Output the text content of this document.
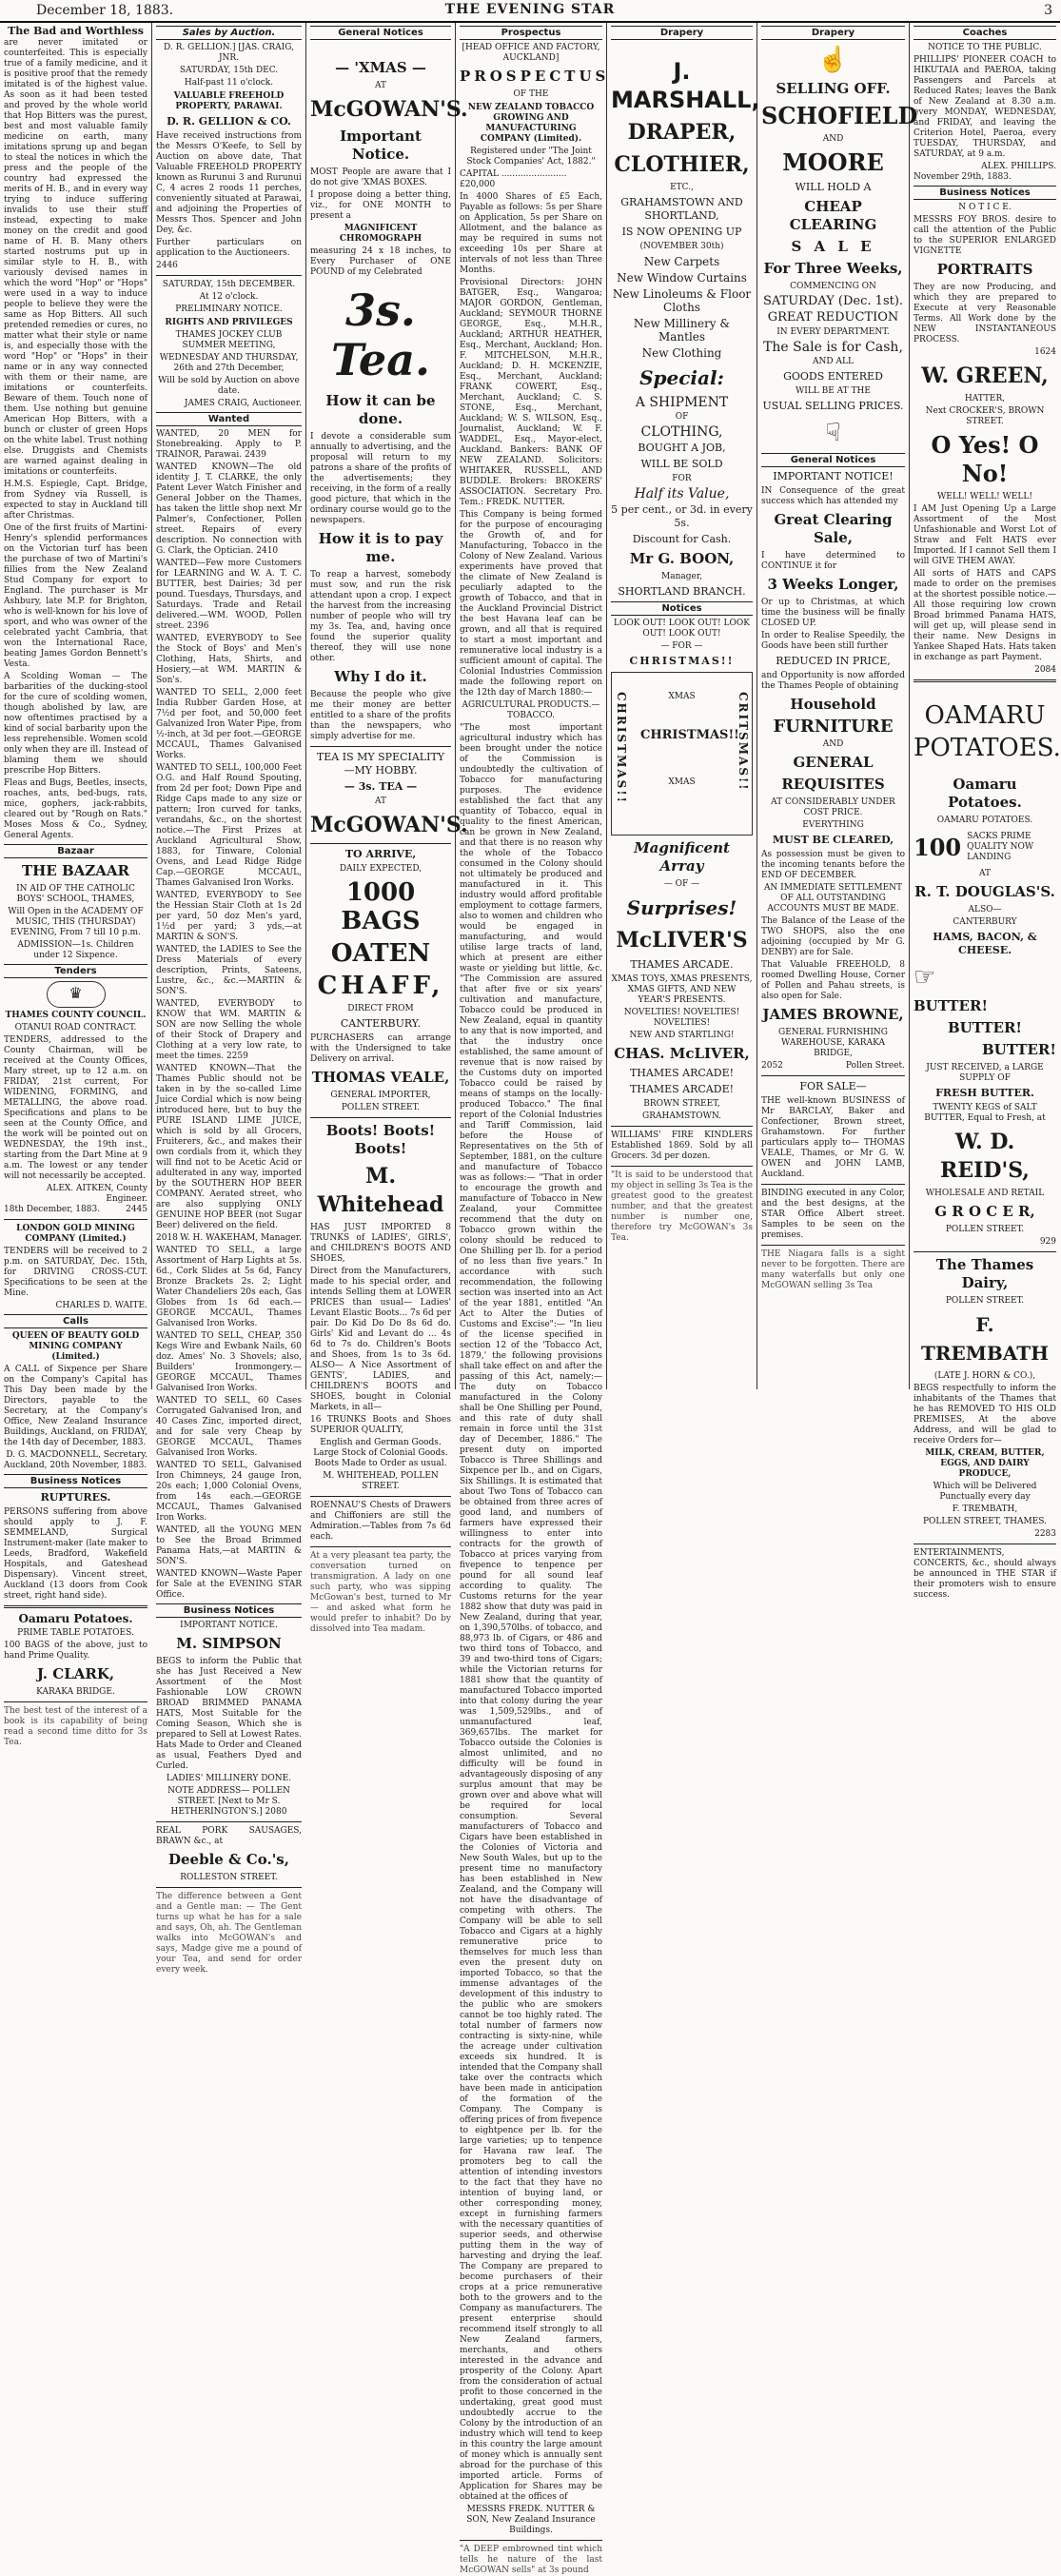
December 18, 1883.	THE EVENING STAR	3
The Bad and Worthless
are never imitated or counterfeited. This is especially true of a family medicine, and it is positive proof that the remedy imitated is of the highest value. As soon as it had been tested and proved by the whole world that Hop Bitters was the purest, best and most valuable family medicine on earth, many imitations sprung up and began to steal the notices in which the press and the people of the country had expressed the merits of H. B., and in every way trying to induce suffering invalids to use their stuff instead, expecting to make money on the credit and good name of H. B. Many others started nostrums put up in similar style to H. B., with variously devised names in which the word "Hop" or "Hops" were used in a way to induce people to believe they were the same as Hop Bitters. All such pretended remedies or cures, no matter what their style or name is, and especially those with the word "Hop" or "Hops" in their name or in any way connected with them or their name, are imitations or counterfeits. Beware of them. Touch none of them. Use nothing but genuine American Hop Bitters, with a bunch or cluster of green Hops on the white label. Trust nothing else. Druggists and Chemists are warned against dealing in imitations or counterfeits.
H.M.S. Espiegle, Capt. Bridge, from Sydney via Russell, is expected to stay in Auckland till after Christmas.
One of the first fruits of Martini-Henry's splendid performances on the Victorian turf has been the purchase of two of Martini's fillies from the New Zealand Stud Company for export to England. The purchaser is Mr Ashbury, late M.P. for Brighton, who is well-known for his love of sport, and who was owner of the celebrated yacht Cambria, that won the International Race, beating James Gordon Bennett's Vesta.
A Scolding Woman — The barbarities of the ducking-stool for the cure of scolding women, though abolished by law, are now oftentimes practised by a kind of social barbarity upon the less reprehensible. Women scold only when they are ill. Instead of blaming them we should prescribe Hop Bitters.
Fleas and Bugs, Beetles, insects, roaches, ants, bed-bugs, rats, mice, gophers, jack-rabbits, cleared out by "Rough on Rats." Moses Moss & Co., Sydney, General Agents.
Bazaar
THE BAZAAR
IN AID OF THE CATHOLIC BOYS' SCHOOL, THAMES,
Will Open in the ACADEMY OF MUSIC, THIS (THURSDAY) EVENING, From 7 till 10 p.m.
ADMISSION—1s. Children under 12 Sixpence.
Tenders
♛
THAMES COUNTY COUNCIL.
OTANUI ROAD CONTRACT.
TENDERS, addressed to the County Chairman, will be received at the County Offices, Mary street, up to 12 a.m. on FRIDAY, 21st current, For WIDENING, FORMING, and METALLING, the above road. Specifications and plans to be seen at the County Office, and the work will be pointed out on WEDNESDAY, the 19th inst., starting from the Dart Mine at 9 a.m. The lowest or any tender will not necessarily be accepted.
ALEX. AITKEN, County Engineer.
18th December, 1883.	2445
LONDON GOLD MINING COMPANY (Limited.)
TENDERS will be received to 2 p.m. on SATURDAY, Dec. 15th, for DRIVING CROSS-CUT. Specifications to be seen at the Mine.
CHARLES D. WAITE.
Calls
QUEEN OF BEAUTY GOLD MINING COMPANY (Limited.)
A CALL of Sixpence per Share on the Company's Capital has This Day been made by the Directors, payable to the Secretary, at the Company's Office, New Zealand Insurance Buildings, Auckland, on FRIDAY, the 14th day of December, 1883.
D. G. MACDONNELL, Secretary.
Auckland, 20th November, 1883.
Business Notices
RUPTURES.
PERSONS suffering from above should apply to J. F. SEMMELAND, Surgical Instrument-maker (late maker to Leeds, Bradford, Wakefield Hospitals, and Gateshead Dispensary). Vincent street, Auckland (13 doors from Cook street, right hand side).
Oamaru Potatoes.
PRIME TABLE POTATOES.
100 BAGS of the above, just to hand Prime Quality.
J. CLARK,
KARAKA BRIDGE.
The best test of the interest of a book is its capability of being read a second time ditto for 3s Tea.
Sales by Auction.
D. R. GELLION.] [JAS. CRAIG, JNR.
SATURDAY, 15th DEC.
Half-past 11 o'clock.
VALUABLE FREEHOLD PROPERTY, PARAWAI.
D. R. GELLION & CO.
Have received instructions from the Messrs O'Keefe, to Sell by Auction on above date, That Valuable FREEHOLD PROPERTY known as Rurunui 3 and Rurunui C, 4 acres 2 roods 11 perches, conveniently situated at Parawai, and adjoining the Properties of Messrs Thos. Spencer and John Dey, &c.
Further particulars on application to the Auctioneers.
2446
SATURDAY, 15th DECEMBER.
At 12 o'clock.
PRELIMINARY NOTICE.
RIGHTS AND PRIVILEGES
THAMES JOCKEY CLUB SUMMER MEETING,
WEDNESDAY AND THURSDAY, 26th and 27th December,
Will be sold by Auction on above date.
JAMES CRAIG, Auctioneer.
Wanted
WANTED, 20 MEN for Stonebreaking. Apply to P. TRAINOR, Parawai. 2439
WANTED KNOWN—The old identity J. T. CLARKE, the only Patent Lever Watch Finisher and General Jobber on the Thames, has taken the little shop next Mr Palmer's, Confectioner, Pollen street. Repairs of every description. No connection with G. Clark, the Optician. 2410
WANTED—Few more Customers for LEARNING and W. A. T. C. BUTTER, best Dairies; 3d per pound. Tuesdays, Thursdays, and Saturdays. Trade and Retail delivered.—WM. WOOD, Pollen street. 2396
WANTED, EVERYBODY to See the Stock of Boys' and Men's Clothing, Hats, Shirts, and Hosiery,—at WM. MARTIN & Son's.
WANTED TO SELL, 2,000 feet India Rubber Garden Hose, at 7½d per foot, and 50,000 feet Galvanized Iron Water Pipe, from ½-inch, at 3d per foot.—GEORGE MCCAUL, Thames Galvanised Works.
WANTED TO SELL, 100,000 Feet O.G. and Half Round Spouting, from 2d per foot; Down Pipe and Ridge Caps made to any size or pattern; Iron curved for tanks, verandahs, &c., on the shortest notice.—The First Prizes at Auckland Agricultural Show, 1883, for Tinware, Colonial Ovens, and Lead Ridge Ridge Cap.—GEORGE MCCAUL, Thames Galvanised Iron Works.
WANTED, EVERYBODY to See the Hessian Stair Cloth at 1s 2d per yard, 50 doz Men's yard, 1½d per yard; 3 yds,—at MARTIN & SON'S.
WANTED, the LADIES to See the Dress Materials of every description, Prints, Sateens, Lustre, &c., &c.—MARTIN & SON'S.
WANTED, EVERYBODY to KNOW that WM. MARTIN & SON are now Selling the whole of their Stock of Drapery and Clothing at a very low rate, to meet the times. 2259
WANTED KNOWN—That the Thames Public should not be taken in by the so-called Lime Juice Cordial which is now being introduced here, but to buy the PURE ISLAND LIME JUICE, which is sold by all Grocers, Fruiterers, &c., and makes their own cordials from it, which they will find not to be Acetic Acid or adulterated in any way, imported by the SOUTHERN HOP BEER COMPANY. Aerated street, who are also supplying ONLY GENUINE HOP BEER (not Sugar Beer) delivered on the field.
2018 W. H. WAKEHAM, Manager.
WANTED TO SELL, a large Assortment of Harp Lights at 5s. 6d., Cork Slides at 5s 6d, Fancy Bronze Brackets 2s. 2; Light Water Chandeliers 20s each, Gas Globes from 1s 6d each.—GEORGE MCCAUL, Thames Galvanised Iron Works.
WANTED TO SELL, CHEAP, 350 Kegs Wire and Ewbank Nails, 60 doz. Ames' No. 3 Shovels; also, Builders' Ironmongery.—GEORGE MCCAUL, Thames Galvanised Iron Works.
WANTED TO SELL, 60 Cases Corrugated Galvanised Iron, and 40 Cases Zinc, imported direct, and for sale very Cheap by GEORGE MCCAUL, Thames Galvanised Iron Works.
WANTED TO SELL, Galvanised Iron Chimneys, 24 gauge Iron, 20s each; 1,000 Colonial Ovens, from 14s each.—GEORGE MCCAUL, Thames Galvanised Iron Works.
WANTED, all the YOUNG MEN to See the Broad Brimmed Panama Hats,—at MARTIN & SON'S.
WANTED KNOWN—Waste Paper for Sale at the EVENING STAR Office.
Business Notices
IMPORTANT NOTICE.
M. SIMPSON
BEGS to inform the Public that she has Just Received a New Assortment of the Most Fashionable LOW CROWN BROAD BRIMMED PANAMA HATS, Most Suitable for the Coming Season, Which she is prepared to Sell at Lowest Rates. Hats Made to Order and Cleaned as usual, Feathers Dyed and Curled.
LADIES' MILLINERY DONE.
NOTE ADDRESS— POLLEN STREET. [Next to Mr S. HETHERINGTON'S.] 2080
REAL PORK SAUSAGES, BRAWN &c., at
Deeble & Co.'s,
ROLLESTON STREET.
The difference between a Gent and a Gentle man: — The Gent turns up what he has for a sale and says, Oh, ah. The Gentleman walks into McGOWAN's and says, Madge give me a pound of your Tea, and send for order every week.
General Notices
— 'XMAS —
AT
McGOWAN'S.
Important Notice.
MOST People are aware that I do not give 'XMAS BOXES.
I propose doing a better thing, viz., for ONE MONTH to present a
MAGNIFICENT CHROMOGRAPH
measuring 24 x 18 inches, to Every Purchaser of ONE POUND of my Celebrated
3s. Tea.
How it can be done.
I devote a considerable sum annually to advertising, and the proposal will return to my patrons a share of the profits of the advertisements; they receiving, in the form of a really good picture, that which in the ordinary course would go to the newspapers.
How it is to pay me.
To reap a harvest, somebody must sow, and run the risk attendant upon a crop. I expect the harvest from the increasing number of people who will try my 3s. Tea, and, having once found the superior quality thereof, they will use none other.
Why I do it.
Because the people who give me their money are better entitled to a share of the profits than the newspapers, who simply advertise for me.
TEA IS MY SPECIALITY —MY HOBBY.
— 3s. TEA —
AT
McGOWAN'S.
TO ARRIVE,
DAILY EXPECTED,
1000 BAGS
OATEN
CHAFF,
DIRECT FROM
CANTERBURY.
PURCHASERS can arrange with the Undersigned to take Delivery on arrival.
THOMAS VEALE,
GENERAL IMPORTER,
POLLEN STREET.
Boots! Boots! Boots!
M. Whitehead
HAS JUST IMPORTED 8 TRUNKS of LADIES', GIRLS', and CHILDREN'S BOOTS AND SHOES,
Direct from the Manufacturers, made to his special order, and intends Selling them at LOWER PRICES than usual— Ladies' Levant Elastic Boots... 7s 6d per pair. Do Kid Do Do 8s 6d do. Girls' Kid and Levant do ... 4s 6d to 7s do. Children's Boots and Shoes, from 1s to 3s 6d. ALSO— A Nice Assortment of GENTS', LADIES, and CHILDREN'S BOOTS and SHOES, bought in Colonial Markets, in all—
16 TRUNKS Boots and Shoes SUPERIOR QUALITY,
English and German Goods. Large Stock of Colonial Goods. Boots Made to Order as usual.
M. WHITEHEAD, POLLEN STREET.
ROENNAU'S Chests of Drawers and Chiffoniers are still the Admiration.—Tables from 7s 6d each.
At a very pleasant tea party, the conversation turned on transmigration. A lady on one such party, who was sipping McGowan's best, turned to Mr — and asked what form he would prefer to inhabit? Do by dissolved into Tea madam.
Prospectus
[HEAD OFFICE AND FACTORY, AUCKLAND]
PROSPECTUS
OF THE
NEW ZEALAND TOBACCO GROWING AND MANUFACTURING COMPANY (Limited).
Registered under "The Joint Stock Companies' Act, 1882."
CAPITAL ........................ £20,000
In 4000 Shares of £5 Each, Payable as follows: 5s per Share on Application, 5s per Share on Allotment, and the balance as may be required in sums not exceeding 10s per Share at intervals of not less than Three Months.
Provisional Directors: JOHN BATGER, Esq., Wangaroa; MAJOR GORDON, Gentleman, Auckland; SEYMOUR THORNE GEORGE, Esq., M.H.R., Auckland; ARTHUR HEATHER, Esq., Merchant, Auckland; Hon. F. MITCHELSON, M.H.R., Auckland; D. H. MCKENZIE, Esq., Merchant, Auckland; FRANK COWERT, Esq., Merchant, Auckland; C. S. STONE, Esq., Merchant, Auckland; W. S. WILSON, Esq., Journalist, Auckland; W. F. WADDEL, Esq., Mayor-elect, Auckland. Bankers: BANK OF NEW ZEALAND. Solicitors: WHITAKER, RUSSELL, AND BUDDLE. Brokers: BROKERS' ASSOCIATION. Secretary Pro. Tem.: FREDK. NUTTER.
This Company is being formed for the purpose of encouraging the Growth of, and for Manufacturing, Tobacco in the Colony of New Zealand. Various experiments have proved that the climate of New Zealand is peculiarly adapted to the growth of Tobacco, and that in the Auckland Provincial District the best Havana leaf can be grown, and all that is required to start a most important and remunerative local industry is a sufficient amount of capital. The Colonial Industries Commission made the following report on the 12th day of March 1880:—
AGRICULTURAL PRODUCTS.—TOBACCO.
"The most important agricultural industry which has been brought under the notice of the Commission is undoubtedly the cultivation of Tobacco for manufacturing purposes. The evidence established the fact that any quantity of Tobacco, equal in quality to the finest American, can be grown in New Zealand, and that there is no reason why the whole of the Tobacco consumed in the Colony should not ultimately be produced and manufactured in it. This industry would afford profitable employment to cottage farmers, also to women and children who would be engaged in manufacturing, and would utilise large tracts of land, which at present are either waste or yielding but little, &c. "The Commission are assured that after five or six years' cultivation and manufacture, Tobacco could be produced in New Zealand, equal in quantity to any that is now imported, and that the industry once established, the same amount of revenue that is now raised by the Customs duty on imported Tobacco could be raised by means of stamps on the locally-produced Tobacco." The final report of the Colonial Industries and Tariff Commission, laid before the House of Representatives on the 5th of September, 1881, on the culture and manufacture of Tobacco was as follows:— "That in order to encourage the growth and manufacture of Tobacco in New Zealand, your Committee recommend that the duty on Tobacco grown within the colony should be reduced to One Shilling per lb. for a period of no less than five years." In accordance with such recommendation, the following section was inserted into an Act of the year 1881, entitled "An Act to Alter the Duties of Customs and Excise":— "In lieu of the license specified in section 12 of the 'Tobacco Act, 1879,' the following provisions shall take effect on and after the passing of this Act, namely:—The duty on Tobacco manufactured in the Colony shall be One Shilling per Pound, and this rate of duty shall remain in force until the 31st day of December, 1886." The present duty on imported Tobacco is Three Shillings and Sixpence per lb., and on Cigars, Six Shillings. It is estimated that about Two Tons of Tobacco can be obtained from three acres of good land, and numbers of farmers have expressed their willingness to enter into contracts for the growth of Tobacco at prices varying from fivepence to tenpence per pound for all sound leaf according to quality. The Customs returns for the year 1882 show that duty was paid in New Zealand, during that year, on 1,390,570lbs. of tobacco, and 88,973 lb. of Cigars, or 486 and two third tons of Tobacco, and 39 and two-third tons of Cigars; while the Victorian returns for 1881 show that the quantity of manufactured Tobacco imported into that colony during the year was 1,509,529lbs., and of unmanufactured leaf, 369,657lbs. The market for Tobacco outside the Colonies is almost unlimited, and no difficulty will be found in advantageously disposing of any surplus amount that may be grown over and above what will be required for local consumption. Several manufacturers of Tobacco and Cigars have been established in the Colonies of Victoria and New South Wales, but up to the present time no manufactory has been established in New Zealand, and the Company will not have the disadvantage of competing with others. The Company will be able to sell Tobacco and Cigars at a highly remunerative price to themselves for much less than even the present duty on imported Tobacco, so that the immense advantages of the development of this industry to the public who are smokers cannot be too highly rated. The total number of farmers now contracting is sixty-nine, while the acreage under cultivation exceeds six hundred. It is intended that the Company shall take over the contracts which have been made in anticipation of the formation of the Company. The Company is offering prices of from fivepence to eightpence per lb. for the large varieties; up to tenpence for Havana raw leaf. The promoters beg to call the attention of intending investors to the fact that they have no intention of buying land, or other corresponding money, except in furnishing farmers with the necessary quantities of superior seeds, and otherwise putting them in the way of harvesting and drying the leaf. The Company are prepared to become purchasers of their crops at a price remunerative both to the growers and to the Company as manufacturers. The present enterprise should recommend itself strongly to all New Zealand farmers, merchants, and others interested in the advance and prosperity of the Colony. Apart from the consideration of actual profit to those concerned in the undertaking, great good must undoubtedly accrue to the Colony by the introduction of an industry which will tend to keep in this country the large amount of money which is annually sent abroad for the purchase of this imported article. Forms of Application for Shares may be obtained at the offices of
MESSRS FREDK. NUTTER & SON, New Zealand Insurance Buildings.
"A DEEP embrowned tint which tells he nature of the last McGOWAN sells" at 3s pound
Drapery
J. MARSHALL,
DRAPER,
CLOTHIER,
ETC.,
GRAHAMSTOWN AND SHORTLAND,
IS NOW OPENING UP
(NOVEMBER 30th)
New Carpets
New Window Curtains
New Linoleums & Floor Cloths
New Millinery & Mantles
New Clothing
Special:
A SHIPMENT
OF
CLOTHING,
BOUGHT A JOB,
WILL BE SOLD
FOR
Half its Value,
5 per cent., or 3d. in every 5s.
Discount for Cash.
Mr G. BOON,
Manager,
SHORTLAND BRANCH.
Notices
LOOK OUT! LOOK OUT! LOOK OUT! LOOK OUT!
— FOR —
CHRISTMAS!!
CHRISTMAS!!	CRITSMAS!!
CHRISTMAS!!
XMAS
XMAS
Magnificent Array
— OF —
Surprises!
McLIVER'S
THAMES ARCADE.
XMAS TOYS, XMAS PRESENTS, XMAS GIFTS, AND NEW YEAR'S PRESENTS.
NOVELTIES! NOVELTIES! NOVELTIES!
NEW AND STARTLING!
CHAS. McLIVER,
THAMES ARCADE!
THAMES ARCADE!
BROWN STREET,
GRAHAMSTOWN.
WILLIAMS' FIRE KINDLERS Established 1869. Sold by all Grocers. 3d per dozen.
"It is said to be understood that my object in selling 3s Tea is the greatest good to the greatest number, and that the greatest number is number one, therefore try McGOWAN's 3s Tea.
Drapery
☝
SELLING OFF.
SCHOFIELD
AND
MOORE
WILL HOLD A
CHEAP CLEARING
S A L E
For Three Weeks,
COMMENCING ON
SATURDAY (Dec. 1st).
GREAT REDUCTION
IN EVERY DEPARTMENT.
The Sale is for Cash,
AND ALL
GOODS ENTERED
WILL BE AT THE
USUAL SELLING PRICES.
☟
General Notices
IMPORTANT NOTICE!
IN Consequence of the great success which has attended my
Great Clearing Sale,
I have determined to CONTINUE it for
3 Weeks Longer,
Or up to Christmas, at which time the business will be finally CLOSED UP.
In order to Realise Speedily, the Goods have been still further
REDUCED IN PRICE,
and Opportunity is now afforded the Thames People of obtaining
Household
FURNITURE
AND
GENERAL
REQUISITES
AT CONSIDERABLY UNDER COST PRICE.
EVERYTHING
MUST BE CLEARED,
As possession must be given to the incoming tenants before the END OF DECEMBER.
AN IMMEDIATE SETTLEMENT OF ALL OUTSTANDING ACCOUNTS MUST BE MADE.
The Balance of the Lease of the TWO SHOPS, also the one adjoining (occupied by Mr G. DENBY) are for Sale.
That Valuable FREEHOLD, 8 roomed Dwelling House, Corner of Pollen and Pahau streets, is also open for Sale.
JAMES BROWNE,
GENERAL FURNISHING WAREHOUSE, KARAKA BRIDGE,
2052	Pollen Street.
FOR SALE—
THE well-known BUSINESS of Mr BARCLAY, Baker and Confectioner, Brown street, Grahamstown. For further particulars apply to— THOMAS VEALE, Thames, or Mr G. W. OWEN and JOHN LAMB, Auckland.
BINDING executed in any Color, and the best designs, at the STAR Office Albert street. Samples to be seen on the premises.
THE Niagara falls is a sight never to be forgotten. There are many waterfalls but only one McGOWAN selling 3s Tea
Coaches
NOTICE TO THE PUBLIC.
PHILLIPS' PIONEER COACH to HIKUTAIA and PAEROA, taking Passengers and Parcels at Reduced Rates; leaves the Bank of New Zealand at 8.30 a.m. every MONDAY, WEDNESDAY, and FRIDAY, and leaving the Criterion Hotel, Paeroa, every TUESDAY, THURSDAY, and SATURDAY, at 9 a.m.
ALEX. PHILLIPS.
November 29th, 1883.
Business Notices
N O T I C E.
MESSRS FOY BROS. desire to call the attention of the Public to the SUPERIOR ENLARGED VIGNETTE
PORTRAITS
They are now Producing, and which they are prepared to Execute at very Reasonable Terms. All Work done by the NEW INSTANTANEOUS PROCESS.
1624
W. GREEN,
HATTER,
Next CROCKER'S, BROWN STREET.
O Yes! O No!
WELL! WELL! WELL!
I AM Just Opening Up a Large Assortment of the Most Unfashionable and Worst Lot of Straw and Felt HATS ever Imported. If I cannot Sell them I will GIVE THEM AWAY.
All sorts of HATS and CAPS made to order on the premises at the shortest possible notice.—All those requiring low crown Broad brimmed Panama HATS, will get up, will please send in their name. New Designs in Yankee Shaped Hats. Hats taken in exchange as part Payment.
2084
OAMARU
POTATOES.
Oamaru Potatoes.
OAMARU POTATOES.
100 SACKS PRIME QUALITY NOW LANDING
AT
R. T. DOUGLAS'S.
ALSO—
CANTERBURY
HAMS, BACON, & CHEESE.
☞
BUTTER!
BUTTER!
BUTTER!
JUST RECEIVED, a LARGE SUPPLY OF
FRESH BUTTER.
TWENTY KEGS of SALT BUTTER, Equal to Fresh, at
W. D. REID'S,
WHOLESALE AND RETAIL
G R O C E R,
POLLEN STREET.
929
The Thames Dairy,
POLLEN STREET.
F. TREMBATH
(LATE J. HORN & CO.),
BEGS respectfully to inform the inhabitants of the Thames that he has REMOVED TO HIS OLD PREMISES, At the above Address, and will be glad to receive Orders for—
MILK, CREAM, BUTTER, EGGS, AND DAIRY PRODUCE,
Which will be Delivered Punctually every day
F. TREMBATH,
POLLEN STREET, THAMES.
2283
ENTERTAINMENTS, CONCERTS, &c., should always be announced in THE STAR if their promoters wish to ensure success.
